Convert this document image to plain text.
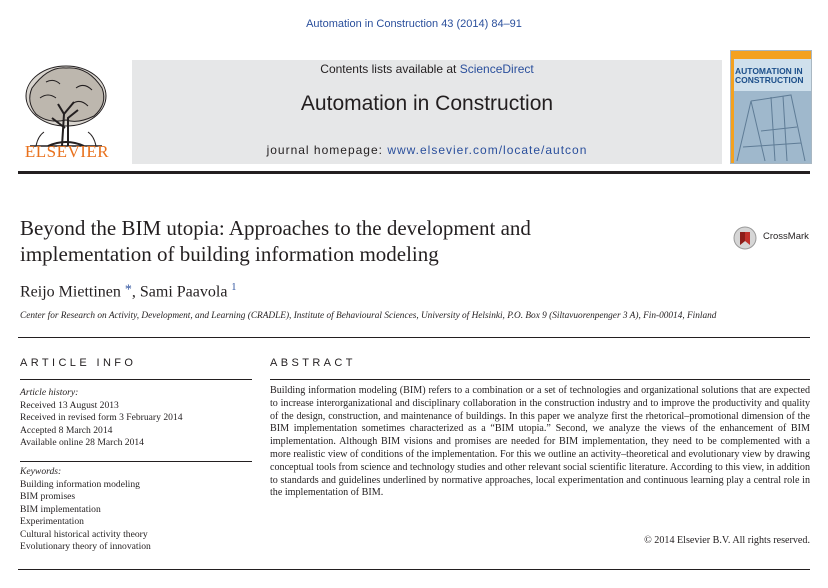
Automation in Construction 43 (2014) 84–91
ELSEVIER
Contents lists available at ScienceDirect
Automation in Construction
journal homepage: www.elsevier.com/locate/autcon
AUTOMATION IN
CONSTRUCTION
Beyond the BIM utopia: Approaches to the development and
implementation of building information modeling
CrossMark
Reijo Miettinen *, Sami Paavola $^1$
Center for Research on Activity, Development, and Learning (CRADLE), Institute of Behavioural Sciences, University of Helsinki, P.O. Box 9 (Siltavuorenpenger 3 A), Fin-00014, Finland
ARTICLE INFO
Article history:
Received 13 August 2013
Received in revised form 3 February 2014
Accepted 8 March 2014
Available online 28 March 2014
Keywords:
Building information modeling
BIM promises
BIM implementation
Experimentation
Cultural historical activity theory
Evolutionary theory of innovation
ABSTRACT
Building information modeling (BIM) refers to a combination or a set of technologies and organizational solutions that are expected to increase interorganizational and disciplinary collaboration in the construction industry and to improve the productivity and quality of the design, construction, and maintenance of buildings. In this paper we analyze first the rhetorical–promotional dimension of the BIM implementation sometimes characterized as a “BIM utopia.” Second, we analyze the views of the enhancement of BIM implementation. Although BIM visions and promises are needed for BIM implementation, they need to be complemented with a more realistic view of conditions of the implementation. For this we outline an activity–theoretical and evolutionary view by drawing conceptual tools from science and technology studies and other relevant social scientific literature. According to this view, in addition to standards and guidelines underlined by normative approaches, local experimentation and continuous learning play a central role in the implementation of BIM.
© 2014 Elsevier B.V. All rights reserved.
